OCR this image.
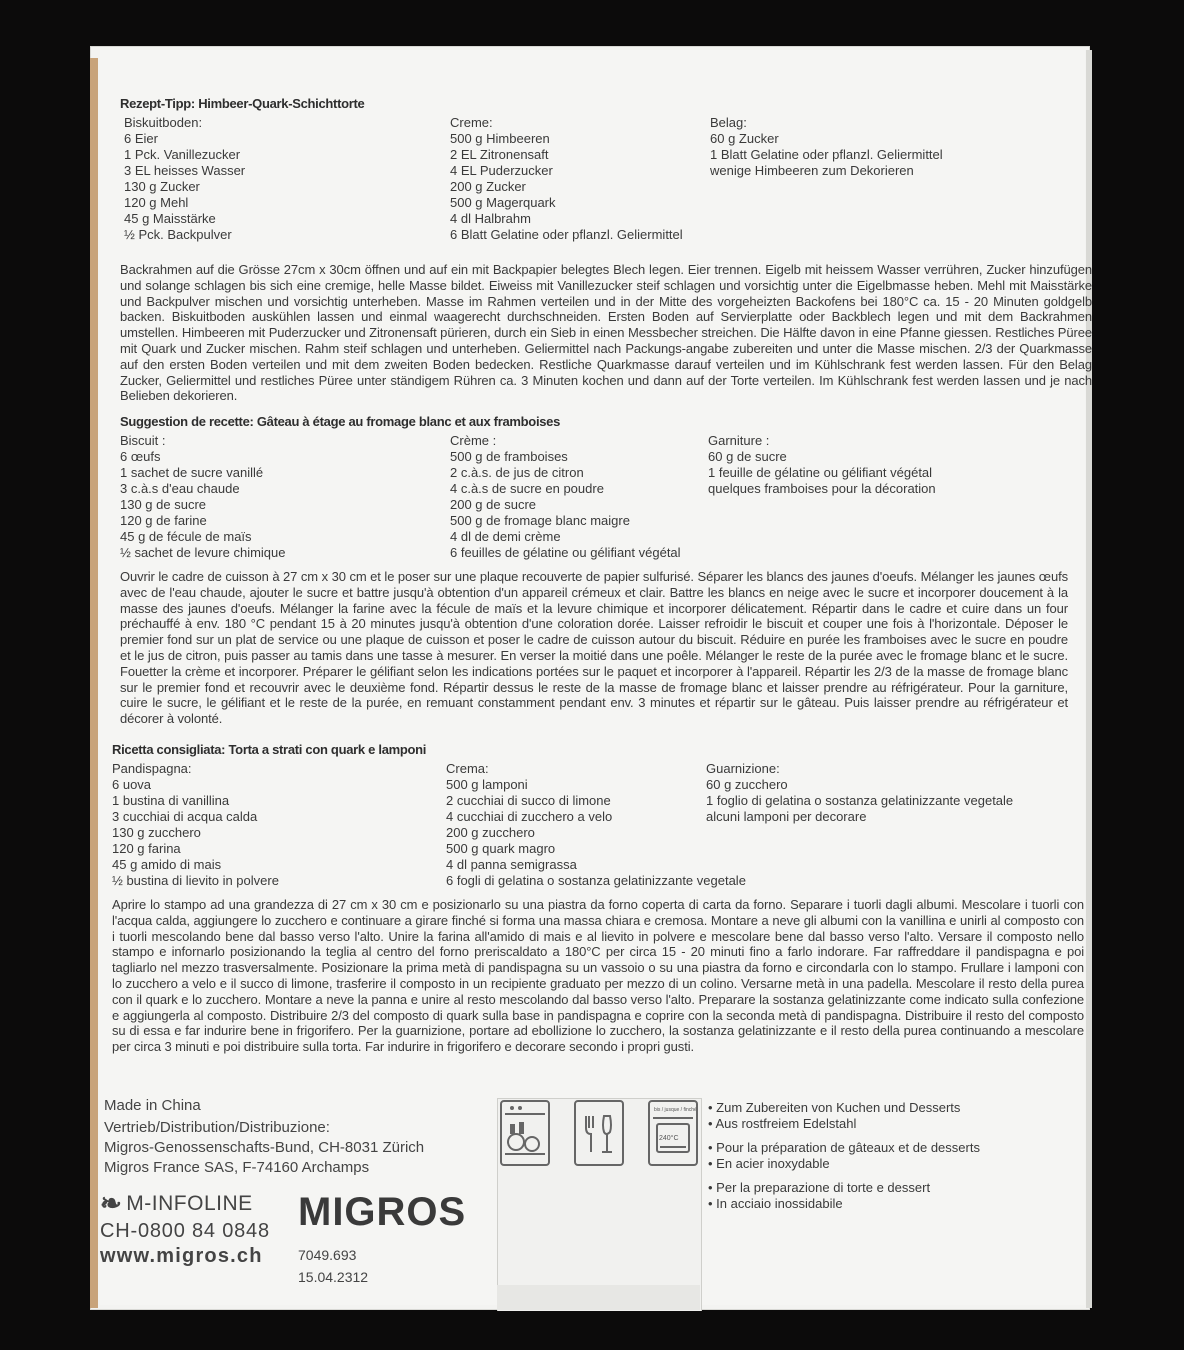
Rezept-Tipp: Himbeer-Quark-Schichttorte
Biskuitboden:
6 Eier
1 Pck. Vanillezucker
3 EL heisses Wasser
130 g Zucker
120 g Mehl
45 g Maisstärke
½ Pck. Backpulver
Creme:
500 g Himbeeren
2 EL Zitronensaft
4 EL Puderzucker
200 g Zucker
500 g Magerquark
4 dl Halbrahm
6 Blatt Gelatine oder pflanzl. Geliermittel
Belag:
60 g Zucker
1 Blatt Gelatine oder pflanzl. Geliermittel
wenige Himbeeren zum Dekorieren
Backrahmen auf die Grösse 27cm x 30cm öffnen und auf ein mit Backpapier belegtes Blech legen. Eier trennen. Eigelb mit heissem Wasser verrühren, Zucker hinzufügen und solange schlagen bis sich eine cremige, helle Masse bildet. Eiweiss mit Vanillezucker steif schlagen und vorsichtig unter die Eigelbmasse heben. Mehl mit Maisstärke und Backpulver mischen und vorsichtig unterheben. Masse im Rahmen verteilen und in der Mitte des vorgeheizten Backofens bei 180°C ca. 15 - 20 Minuten goldgelb backen. Biskuitboden auskühlen lassen und einmal waagerecht durchschneiden. Ersten Boden auf Servierplatte oder Backblech legen und mit dem Backrahmen umstellen. Himbeeren mit Puderzucker und Zitronensaft pürieren, durch ein Sieb in einen Messbecher streichen. Die Hälfte davon in eine Pfanne giessen. Restliches Püree mit Quark und Zucker mischen. Rahm steif schlagen und unterheben. Geliermittel nach Packungs-angabe zubereiten und unter die Masse mischen. 2/3 der Quarkmasse auf den ersten Boden verteilen und mit dem zweiten Boden bedecken. Restliche Quarkmasse darauf verteilen und im Kühlschrank fest werden lassen. Für den Belag Zucker, Geliermittel und restliches Püree unter ständigem Rühren ca. 3 Minuten kochen und dann auf der Torte verteilen. Im Kühlschrank fest werden lassen und je nach Belieben dekorieren.
Suggestion de recette: Gâteau à étage au fromage blanc et aux framboises
Biscuit :
6 œufs
1 sachet de sucre vanillé
3 c.à.s d'eau chaude
130 g de sucre
120 g de farine
45 g de fécule de maïs
½ sachet de levure chimique
Crème :
500 g de framboises
2 c.à.s. de jus de citron
4 c.à.s de sucre en poudre
200 g de sucre
500 g de fromage blanc maigre
4 dl de demi crème
6 feuilles de gélatine ou gélifiant végétal
Garniture :
60 g de sucre
1 feuille de gélatine ou gélifiant végétal
quelques framboises pour la décoration
Ouvrir le cadre de cuisson à 27 cm x 30 cm et le poser sur une plaque recouverte de papier sulfurisé. Séparer les blancs des jaunes d'oeufs. Mélanger les jaunes œufs avec de l'eau chaude, ajouter le sucre et battre jusqu'à obtention d'un appareil crémeux et clair. Battre les blancs en neige avec le sucre et incorporer doucement à la masse des jaunes d'oeufs. Mélanger la farine avec la fécule de maïs et la levure chimique et incorporer délicatement. Répartir dans le cadre et cuire dans un four préchauffé à env. 180 °C pendant 15 à 20 minutes jusqu'à obtention d'une coloration dorée. Laisser refroidir le biscuit et couper une fois à l'horizontale. Déposer le premier fond sur un plat de service ou une plaque de cuisson et poser le cadre de cuisson autour du biscuit. Réduire en purée les framboises avec le sucre en poudre et le jus de citron, puis passer au tamis dans une tasse à mesurer. En verser la moitié dans une poêle. Mélanger le reste de la purée avec le fromage blanc et le sucre. Fouetter la crème et incorporer. Préparer le gélifiant selon les indications portées sur le paquet et incorporer à l'appareil. Répartir les 2/3 de la masse de fromage blanc sur le premier fond et recouvrir avec le deuxième fond. Répartir dessus le reste de la masse de fromage blanc et laisser prendre au réfrigérateur. Pour la garniture, cuire le sucre, le gélifiant et le reste de la purée, en remuant constamment pendant env. 3 minutes et répartir sur le gâteau. Puis laisser prendre au réfrigérateur et décorer à volonté.
Ricetta consigliata: Torta a strati con quark e lamponi
Pandispagna:
6 uova
1 bustina di vanillina
3 cucchiai di acqua calda
130 g zucchero
120 g farina
45 g amido di mais
½ bustina di lievito in polvere
Crema:
500 g lamponi
2 cucchiai di succo di limone
4 cucchiai di zucchero a velo
200 g zucchero
500 g quark magro
4 dl panna semigrassa
6 fogli di gelatina o sostanza gelatinizzante vegetale
Guarnizione:
60 g zucchero
1 foglio di gelatina o sostanza gelatinizzante vegetale
alcuni lamponi per decorare
Aprire lo stampo ad una grandezza di 27 cm x 30 cm e posizionarlo su una piastra da forno coperta di carta da forno. Separare i tuorli dagli albumi. Mescolare i tuorli con l'acqua calda, aggiungere lo zucchero e continuare a girare finché si forma una massa chiara e cremosa. Montare a neve gli albumi con la vanillina e unirli al composto con i tuorli mescolando bene dal basso verso l'alto. Unire la farina all'amido di mais e al lievito in polvere e mescolare bene dal basso verso l'alto. Versare il composto nello stampo e infornarlo posizionando la teglia al centro del forno preriscaldato a 180°C per circa 15 - 20 minuti fino a farlo indorare. Far raffreddare il pandispagna e poi tagliarlo nel mezzo trasversalmente. Posizionare la prima metà di pandispagna su un vassoio o su una piastra da forno e circondarla con lo stampo. Frullare i lamponi con lo zucchero a velo e il succo di limone, trasferire il composto in un recipiente graduato per mezzo di un colino. Versarne metà in una padella. Mescolare il resto della purea con il quark e lo zucchero. Montare a neve la panna e unire al resto mescolando dal basso verso l'alto. Preparare la sostanza gelatinizzante come indicato sulla confezione e aggiungerla al composto. Distribuire 2/3 del composto di quark sulla base in pandispagna e coprire con la seconda metà di pandispagna. Distribuire il resto del composto su di essa e far indurire bene in frigorifero. Per la guarnizione, portare ad ebollizione lo zucchero, la sostanza gelatinizzante e il resto della purea continuando a mescolare per circa 3 minuti e poi distribuire sulla torta. Far indurire in frigorifero e decorare secondo i propri gusti.
Made in China
Vertrieb/Distribution/Distribuzione:
Migros-Genossenschafts-Bund, CH-8031 Zürich
Migros France SAS, F-74160 Archamps
❧ M-INFOLINE
CH-0800 84 0848
www.migros.ch
MIGROS
7049.693
15.04.2312
bis / jusque / finché
240°C
• Zum Zubereiten von Kuchen und Desserts
• Aus rostfreiem Edelstahl
• Pour la préparation de gâteaux et de desserts
• En acier inoxydable
• Per la preparazione di torte e dessert
• In acciaio inossidabile
